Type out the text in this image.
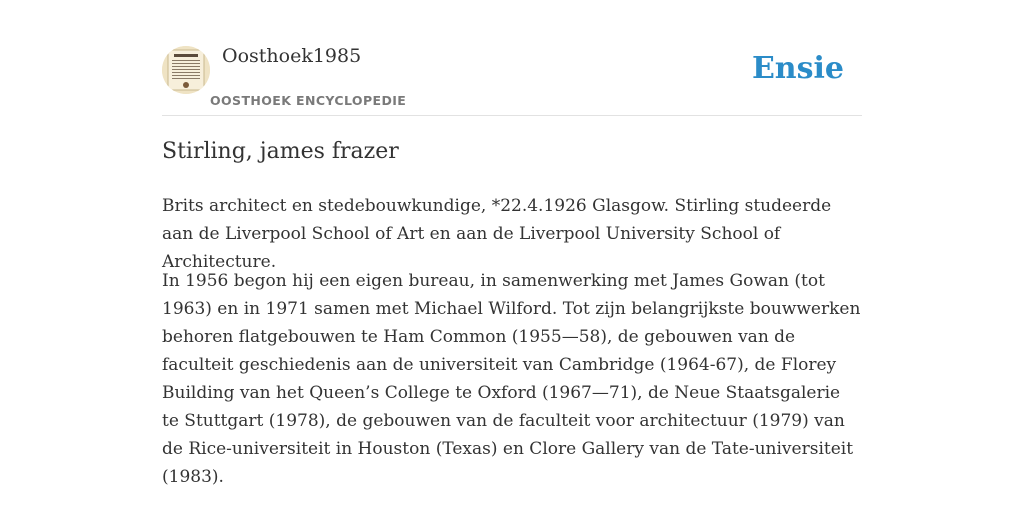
Oosthoek1985
OOSTHOEK ENCYCLOPEDIE
Ensie
Stirling, james frazer

Brits architect en stedebouwkundige, *22.4.1926 Glasgow. Stirling studeerde aan de Liverpool School of Art en aan de Liverpool University School of Architecture.

In 1956 begon hij een eigen bureau, in samenwerking met James Gowan (tot 1963) en in 1971 samen met Michael Wilford. Tot zijn belangrijkste bouwwerken behoren flatgebouwen te Ham Common (1955—58), de gebouwen van de faculteit geschiedenis aan de universiteit van Cambridge (1964-67), de Florey Building van het Queen’s College te Oxford (1967—71), de Neue Staatsgalerie te Stuttgart (1978), de gebouwen van de faculteit voor architectuur (1979) van de Rice-universiteit in Houston (Texas) en Clore Gallery van de Tate-universiteit (1983).
